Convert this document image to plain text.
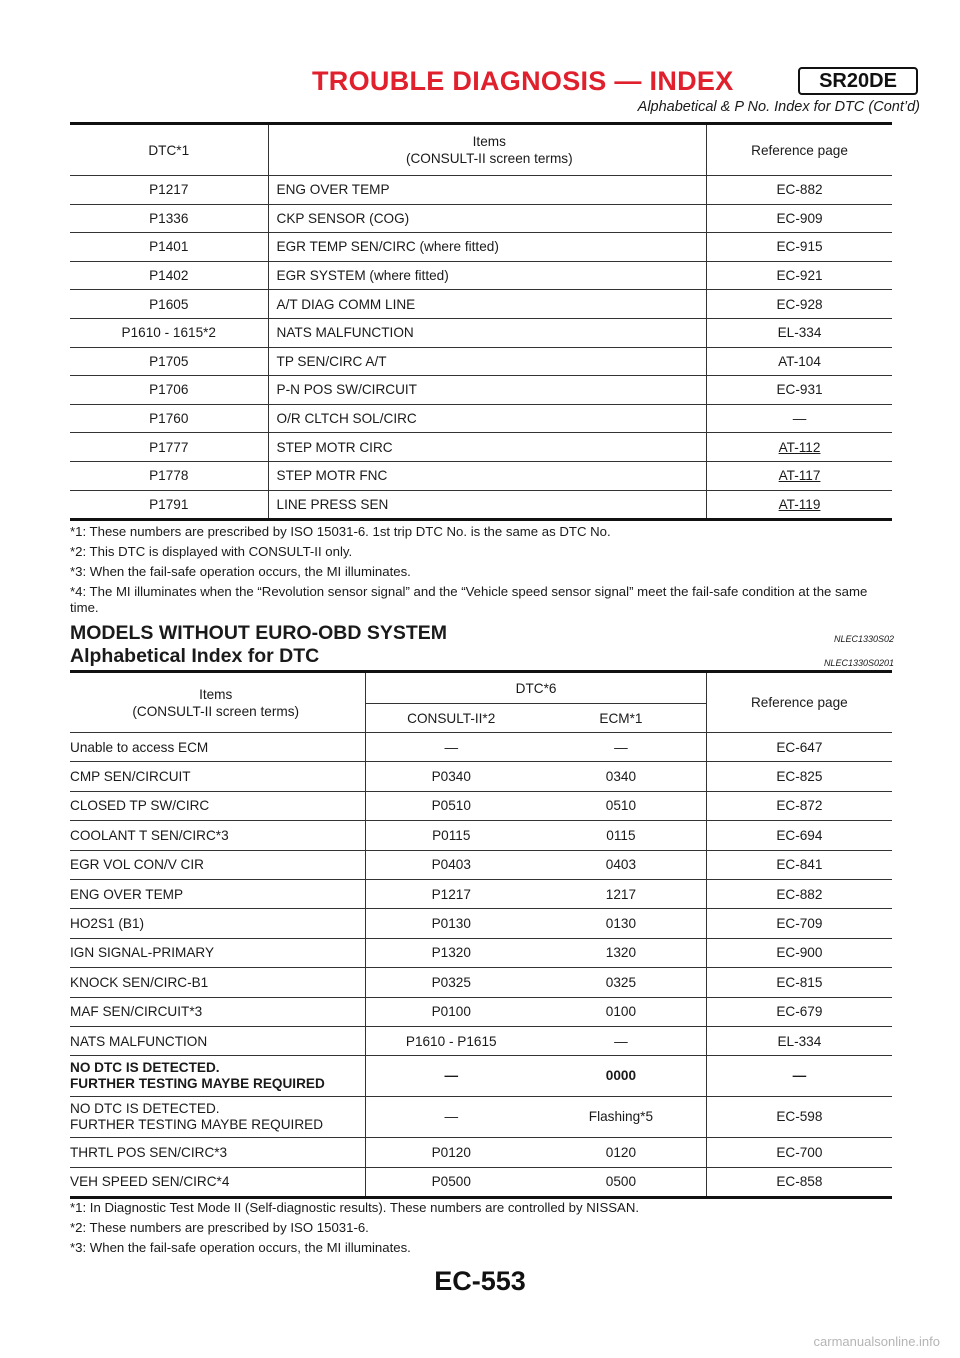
TROUBLE DIAGNOSIS — INDEX	SR20DE
Alphabetical & P No. Index for DTC (Cont’d)
DTC*1	Items
(CONSULT-II screen terms)	Reference page
P1217	ENG OVER TEMP	EC-882
P1336	CKP SENSOR (COG)	EC-909
P1401	EGR TEMP SEN/CIRC (where fitted)	EC-915
P1402	EGR SYSTEM (where fitted)	EC-921
P1605	A/T DIAG COMM LINE	EC-928
P1610 - 1615*2	NATS MALFUNCTION	EL-334
P1705	TP SEN/CIRC A/T	AT-104
P1706	P-N POS SW/CIRCUIT	EC-931
P1760	O/R CLTCH SOL/CIRC	—
P1777	STEP MOTR CIRC	AT-112
P1778	STEP MOTR FNC	AT-117
P1791	LINE PRESS SEN	AT-119

*1: These numbers are prescribed by ISO 15031-6. 1st trip DTC No. is the same as DTC No.

*2: This DTC is displayed with CONSULT-II only.

*3: When the fail-safe operation occurs, the MI illuminates.

*4: The MI illuminates when the “Revolution sensor signal” and the “Vehicle speed sensor signal” meet the fail-safe condition at the same time.

MODELS WITHOUT EURO-OBD SYSTEM	NLEC1330S02
Alphabetical Index for DTC	NLEC1330S0201
Items
(CONSULT-II screen terms)	DTC*6		Reference page
	CONSULT-II*2	ECM*1	
Unable to access ECM	—	—	EC-647
CMP SEN/CIRCUIT	P0340	0340	EC-825
CLOSED TP SW/CIRC	P0510	0510	EC-872
COOLANT T SEN/CIRC*3	P0115	0115	EC-694
EGR VOL CON/V CIR	P0403	0403	EC-841
ENG OVER TEMP	P1217	1217	EC-882
HO2S1 (B1)	P0130	0130	EC-709
IGN SIGNAL-PRIMARY	P1320	1320	EC-900
KNOCK SEN/CIRC-B1	P0325	0325	EC-815
MAF SEN/CIRCUIT*3	P0100	0100	EC-679
NATS MALFUNCTION	P1610 - P1615	—	EL-334
NO DTC IS DETECTED.
FURTHER TESTING MAYBE REQUIRED	—	0000	—
NO DTC IS DETECTED.
FURTHER TESTING MAYBE REQUIRED	—	Flashing*5	EC-598
THRTL POS SEN/CIRC*3	P0120	0120	EC-700
VEH SPEED SEN/CIRC*4	P0500	0500	EC-858

*1: In Diagnostic Test Mode II (Self-diagnostic results). These numbers are controlled by NISSAN.

*2: These numbers are prescribed by ISO 15031-6.

*3: When the fail-safe operation occurs, the MI illuminates.

EC-553
carmanualsonline.info
